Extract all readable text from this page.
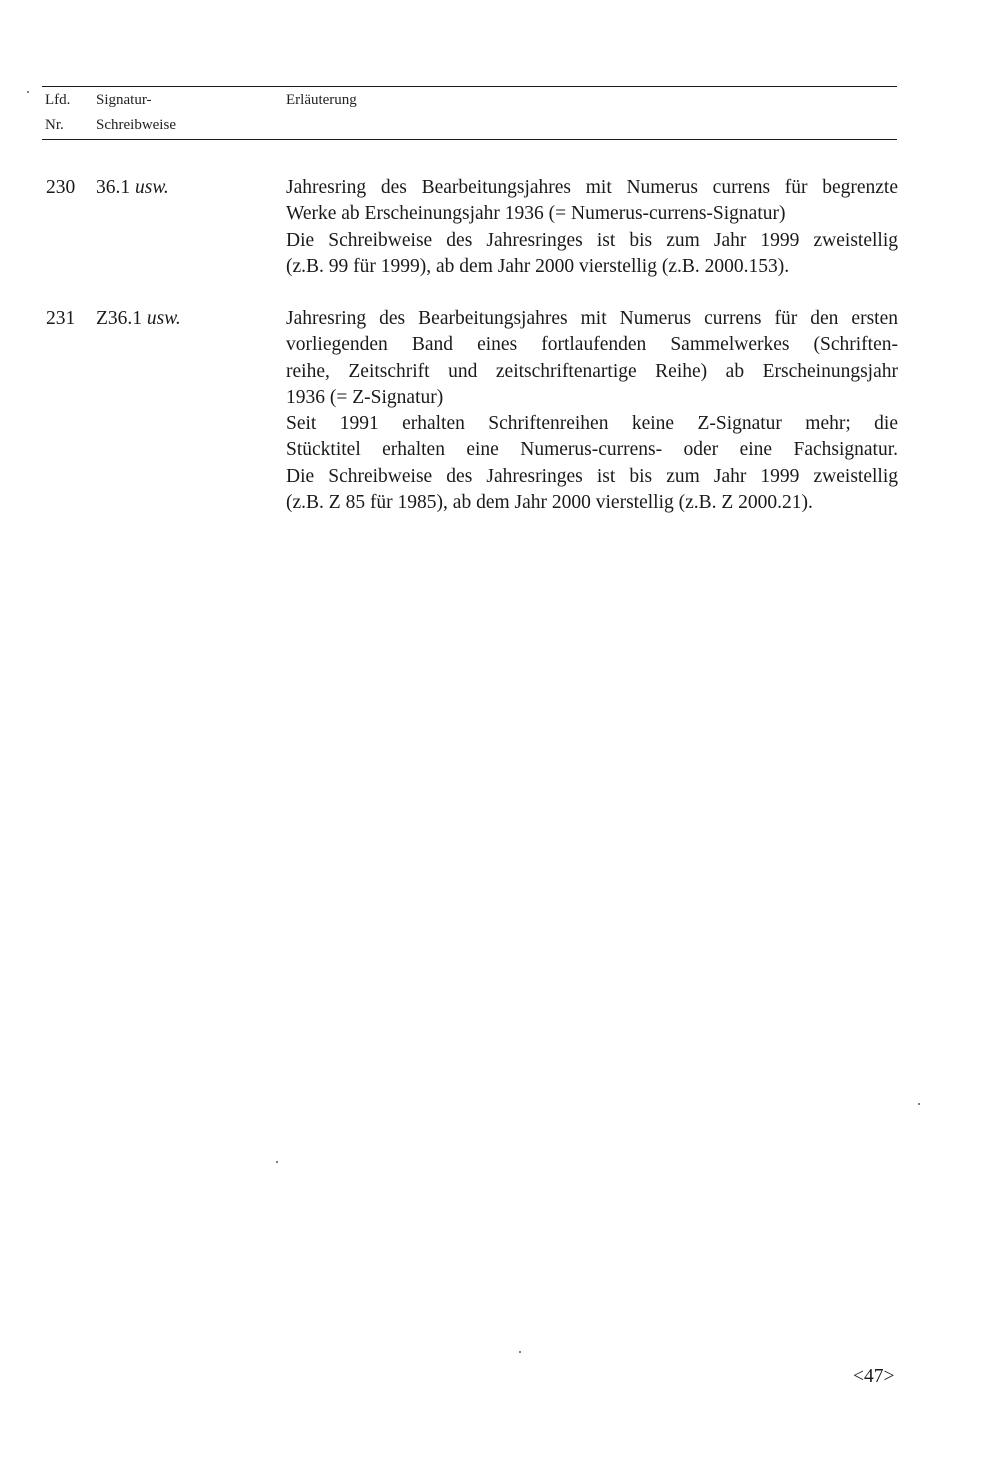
Lfd.
Nr.
Signatur-
Schreibweise
Erläuterung
230 36.1 usw.	Jahresring des Bearbeitungsjahres mit Numerus currens für begrenzte
Werke ab Erscheinungsjahr 1936 (= Numerus-currens-Signatur)
Die Schreibweise des Jahresringes ist bis zum Jahr 1999 zweistellig
(z.B. 99 für 1999), ab dem Jahr 2000 vierstellig (z.B. 2000.153).
231 Z36.1 usw.	Jahresring des Bearbeitungsjahres mit Numerus currens für den ersten
vorliegenden Band eines fortlaufenden Sammelwerkes (Schriften-
reihe, Zeitschrift und zeitschriftenartige Reihe) ab Erscheinungsjahr
1936 (= Z-Signatur)
Seit 1991 erhalten Schriftenreihen keine Z-Signatur mehr; die
Stücktitel erhalten eine Numerus-currens- oder eine Fachsignatur.
Die Schreibweise des Jahresringes ist bis zum Jahr 1999 zweistellig
(z.B. Z 85 für 1985), ab dem Jahr 2000 vierstellig (z.B. Z 2000.21).
<47>
